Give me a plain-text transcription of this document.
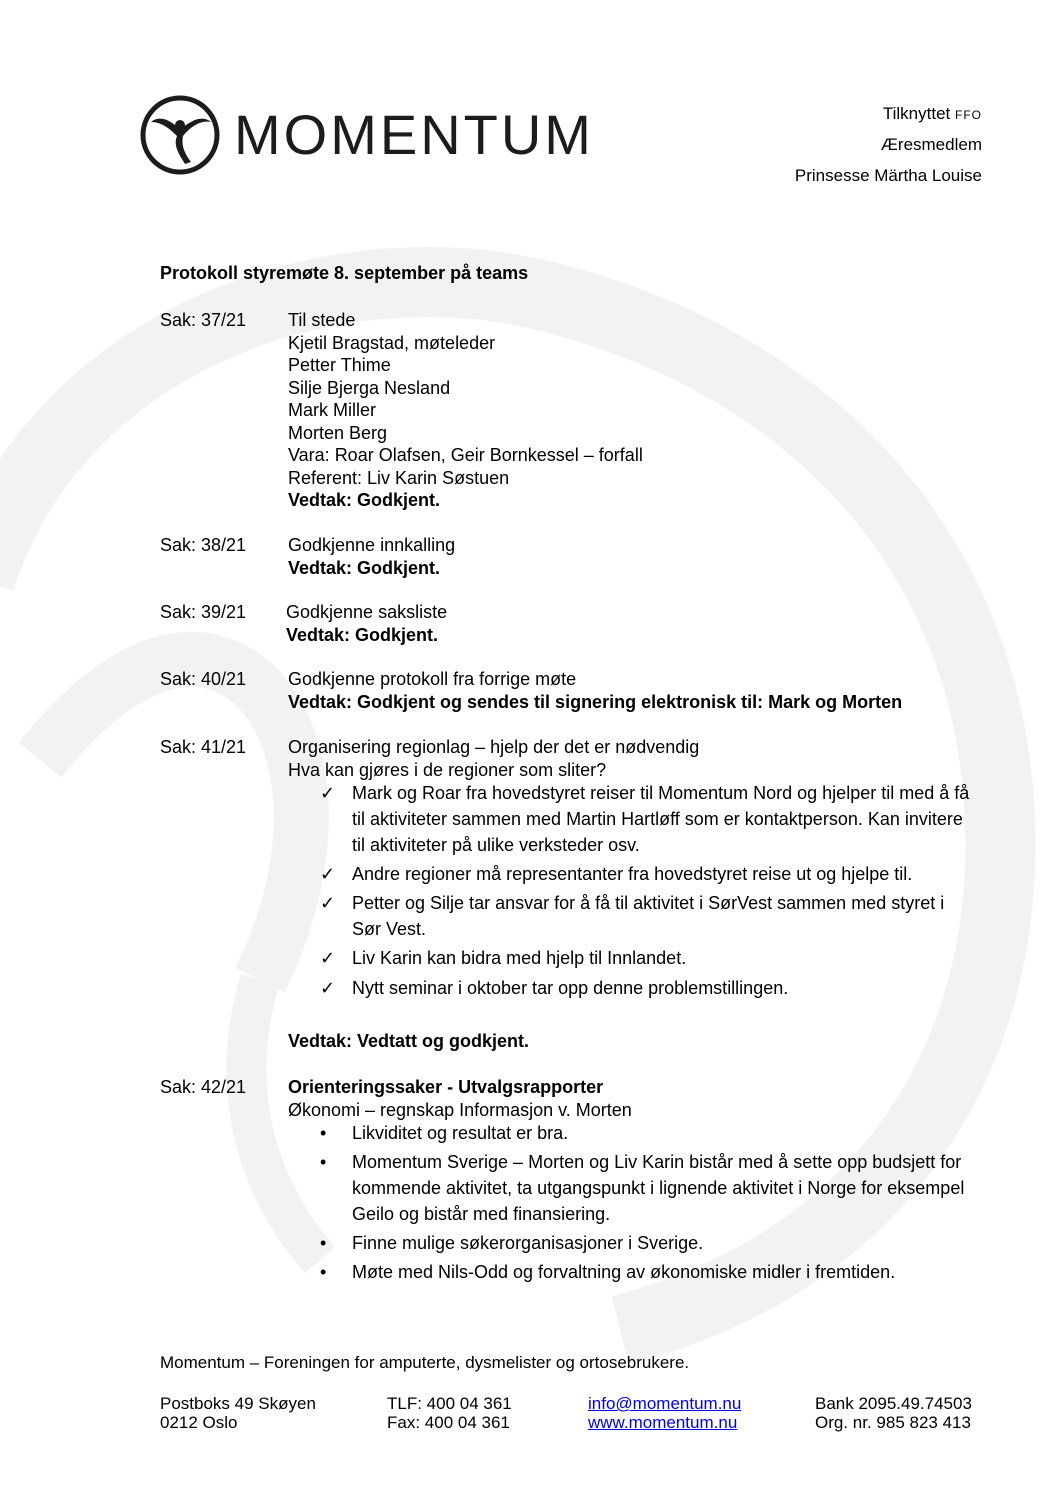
MOMENTUM	Tilknyttet FFO
Æresmedlem
Prinsesse Märtha Louise
Protokoll styremøte 8. september på teams
Sak: 37/21 Til stede
Kjetil Bragstad, møteleder
Petter Thime
Silje Bjerga Nesland
Mark Miller
Morten Berg
Vara: Roar Olafsen, Geir Bornkessel – forfall
Referent: Liv Karin Søstuen
Vedtak: Godkjent.
Sak: 38/21 Godkjenne innkalling
Vedtak: Godkjent.
Sak: 39/21 Godkjenne saksliste
Vedtak: Godkjent.
Sak: 40/21 Godkjenne protokoll fra forrige møte
Vedtak: Godkjent og sendes til signering elektronisk til: Mark og Morten
Sak: 41/21 Organisering regionlag – hjelp der det er nødvendig
Hva kan gjøres i de regioner som sliter?
✓ Mark og Roar fra hovedstyret reiser til Momentum Nord og hjelper til med å få til aktiviteter sammen med Martin Hartløff som er kontaktperson. Kan invitere til aktiviteter på ulike verksteder osv.
✓ Andre regioner må representanter fra hovedstyret reise ut og hjelpe til.
✓ Petter og Silje tar ansvar for å få til aktivitet i SørVest sammen med styret i Sør Vest.
✓ Liv Karin kan bidra med hjelp til Innlandet.
✓ Nytt seminar i oktober tar opp denne problemstillingen.
Vedtak: Vedtatt og godkjent.
Sak: 42/21 Orienteringssaker - Utvalgsrapporter
Økonomi – regnskap Informasjon v. Morten
• Likviditet og resultat er bra.
• Momentum Sverige – Morten og Liv Karin bistår med å sette opp budsjett for kommende aktivitet, ta utgangspunkt i lignende aktivitet i Norge for eksempel Geilo og bistår med finansiering.
• Finne mulige søkerorganisasjoner i Sverige.
• Møte med Nils-Odd og forvaltning av økonomiske midler i fremtiden.
Momentum – Foreningen for amputerte, dysmelister og ortosebrukere.
Postboks 49 Skøyen
0212 Oslo
TLF: 400 04 361
Fax: 400 04 361
info@momentum.nu
www.momentum.nu
Bank 2095.49.74503
Org. nr. 985 823 413
